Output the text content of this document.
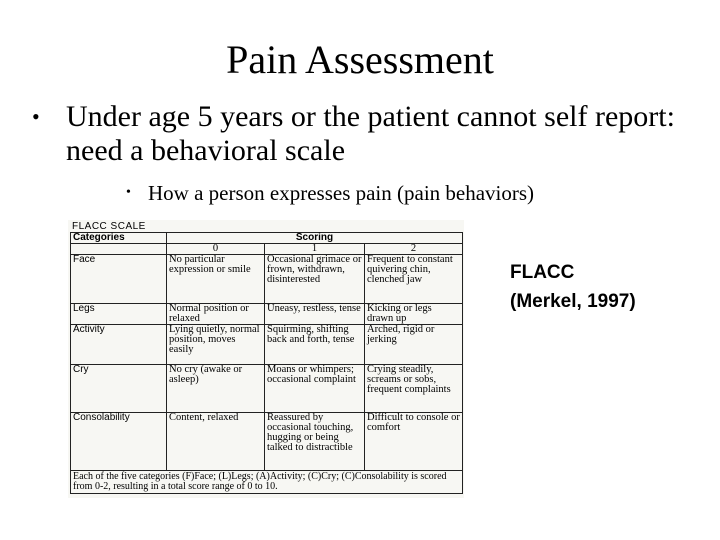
Pain Assessment
• Under age 5 years or the patient cannot self report: need a behavioral scale
• How a person expresses pain (pain behaviors)
FLACC SCALE
Categories	Scoring		
	0	1	2
Face	No particular expression or smile	Occasional grimace or frown, withdrawn, disinterested	Frequent to constant quivering chin, clenched jaw
Legs	Normal position or relaxed	Uneasy, restless, tense	Kicking or legs drawn up
Activity	Lying quietly, normal position, moves easily	Squirming, shifting back and forth, tense	Arched, rigid or jerking
Cry	No cry (awake or asleep)	Moans or whimpers; occasional complaint	Crying steadily, screams or sobs, frequent complaints
Consolability	Content, relaxed	Reassured by occasional touching, hugging or being talked to distractible	Difficult to console or comfort
Each of the five categories (F)Face; (L)Legs; (A)Activity; (C)Cry; (C)Consolability is scored from 0-2, resulting in a total score range of 0 to 10.			
FLACC
(Merkel, 1997)
